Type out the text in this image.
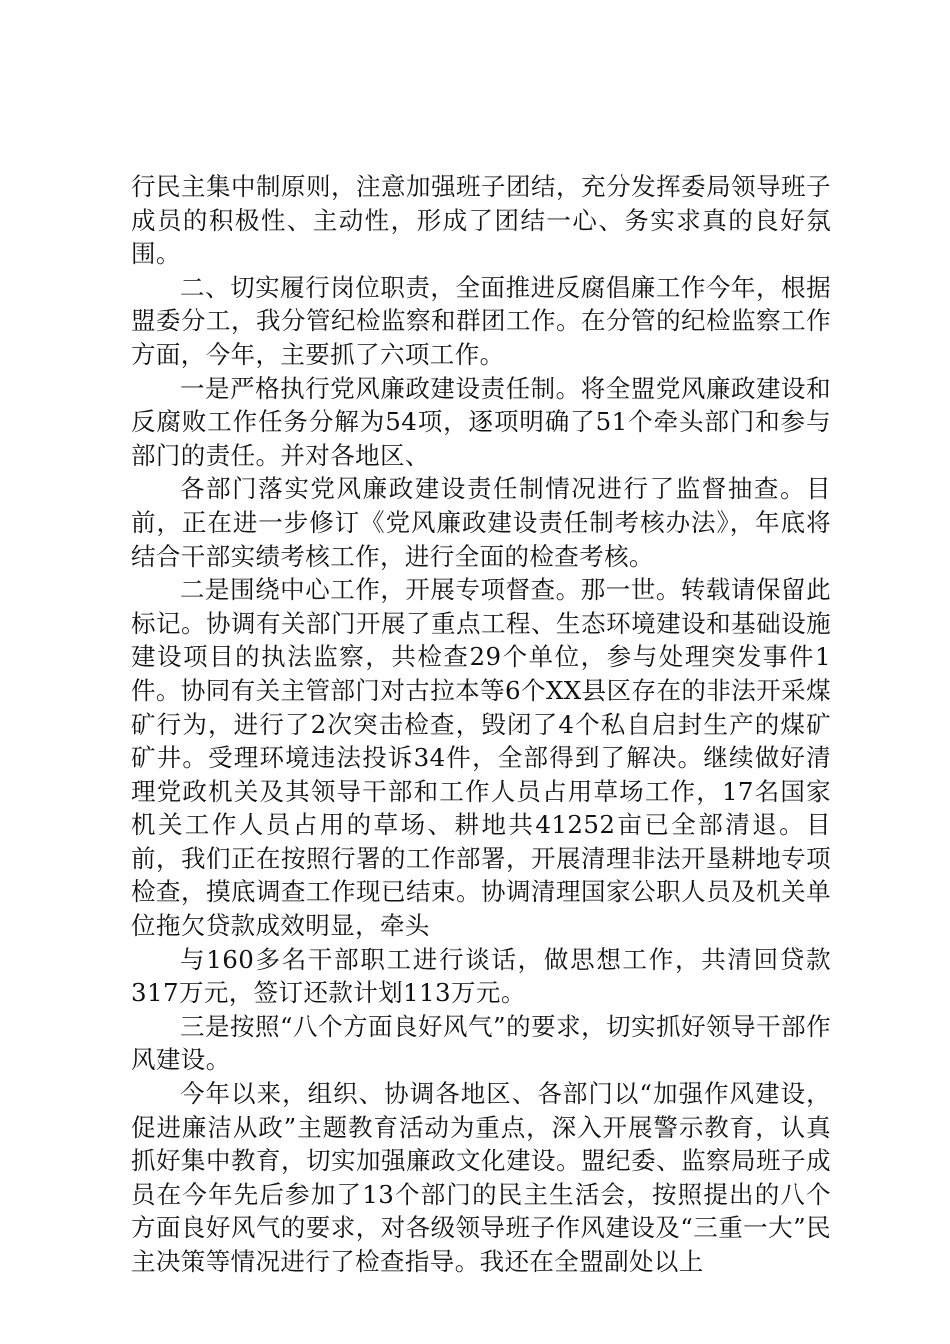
行民主集中制原则，注意加强班子团结，充分发挥委局领导班子成员的积极性、主动性，形成了团结一心、务实求真的良好氛围。

二、切实履行岗位职责，全面推进反腐倡廉工作今年，根据盟委分工，我分管纪检监察和群团工作。在分管的纪检监察工作方面，今年，主要抓了六项工作。

一是严格执行党风廉政建设责任制。将全盟党风廉政建设和反腐败工作任务分解为54项，逐项明确了51个牵头部门和参与部门的责任。并对各地区、

各部门落实党风廉政建设责任制情况进行了监督抽查。目前，正在进一步修订《党风廉政建设责任制考核办法》，年底将结合干部实绩考核工作，进行全面的检查考核。

二是围绕中心工作，开展专项督查。那一世。转载请保留此标记。协调有关部门开展了重点工程、生态环境建设和基础设施建设项目的执法监察，共检查29个单位，参与处理突发事件1件。协同有关主管部门对古拉本等6个XX县区存在的非法开采煤矿行为，进行了2次突击检查，毁闭了4个私自启封生产的煤矿矿井。受理环境违法投诉34件，全部得到了解决。继续做好清理党政机关及其领导干部和工作人员占用草场工作，17名国家机关工作人员占用的草场、耕地共41252亩已全部清退。目前，我们正在按照行署的工作部署，开展清理非法开垦耕地专项检查，摸底调查工作现已结束。协调清理国家公职人员及机关单位拖欠贷款成效明显，牵头

与160多名干部职工进行谈话，做思想工作，共清回贷款317万元，签订还款计划113万元。

三是按照“八个方面良好风气”的要求，切实抓好领导干部作风建设。

今年以来，组织、协调各地区、各部门以“加强作风建设，促进廉洁从政”主题教育活动为重点，深入开展警示教育，认真抓好集中教育，切实加强廉政文化建设。盟纪委、监察局班子成员在今年先后参加了13个部门的民主生活会，按照提出的八个方面良好风气的要求，对各级领导班子作风建设及“三重一大”民主决策等情况进行了检查指导。我还在全盟副处以上
